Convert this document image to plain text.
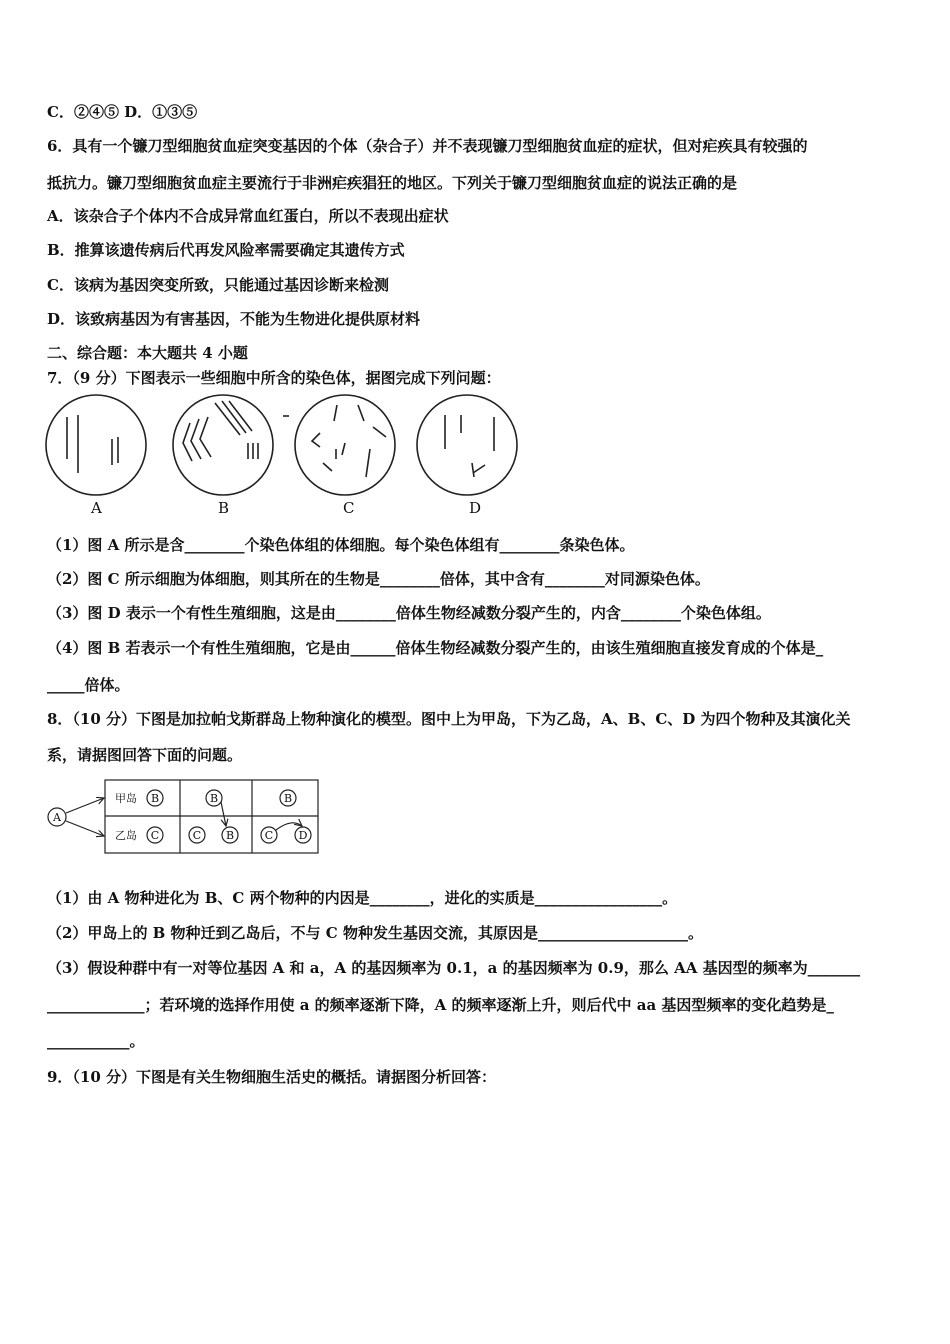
C．②④⑤ D．①③⑤
6．具有一个镰刀型细胞贫血症突变基因的个体（杂合子）并不表现镰刀型细胞贫血症的症状，但对疟疾具有较强的
抵抗力。镰刀型细胞贫血症主要流行于非洲疟疾猖狂的地区。下列关于镰刀型细胞贫血症的说法正确的是
A．该杂合子个体内不合成异常血红蛋白，所以不表现出症状
B．推算该遗传病后代再发风险率需要确定其遗传方式
C．该病为基因突变所致，只能通过基因诊断来检测
D．该致病基因为有害基因，不能为生物进化提供原材料
二、综合题：本大题共 4 小题
7．（9 分）下图表示一些细胞中所含的染色体，据图完成下列问题：
A	B	C	D
（1）图 A 所示是含________个染色体组的体细胞。每个染色体组有________条染色体。
（2）图 C 所示细胞为体细胞，则其所在的生物是________倍体，其中含有________对同源染色体。
（3）图 D 表示一个有性生殖细胞，这是由________倍体生物经减数分裂产生的，内含________个染色体组。
（4）图 B 若表示一个有性生殖细胞，它是由______倍体生物经减数分裂产生的，由该生殖细胞直接发育成的个体是_
_____倍体。
8．（10 分）下图是加拉帕戈斯群岛上物种演化的模型。图中上为甲岛，下为乙岛，A、B、C、D 为四个物种及其演化关
系，请据图回答下面的问题。
A
甲岛
乙岛
B
C
B
C B
B
C D
（1）由 A 物种进化为 B、C 两个物种的内因是________，进化的实质是_________________。
（2）甲岛上的 B 物种迁到乙岛后，不与 C 物种发生基因交流，其原因是____________________。
（3）假设种群中有一对等位基因 A 和 a，A 的基因频率为 0.1，a 的基因频率为 0.9，那么 AA 基因型的频率为_______
_____________；若环境的选择作用使 a 的频率逐渐下降，A 的频率逐渐上升，则后代中 aa 基因型频率的变化趋势是_
___________。
9．（10 分）下图是有关生物细胞生活史的概括。请据图分析回答：
